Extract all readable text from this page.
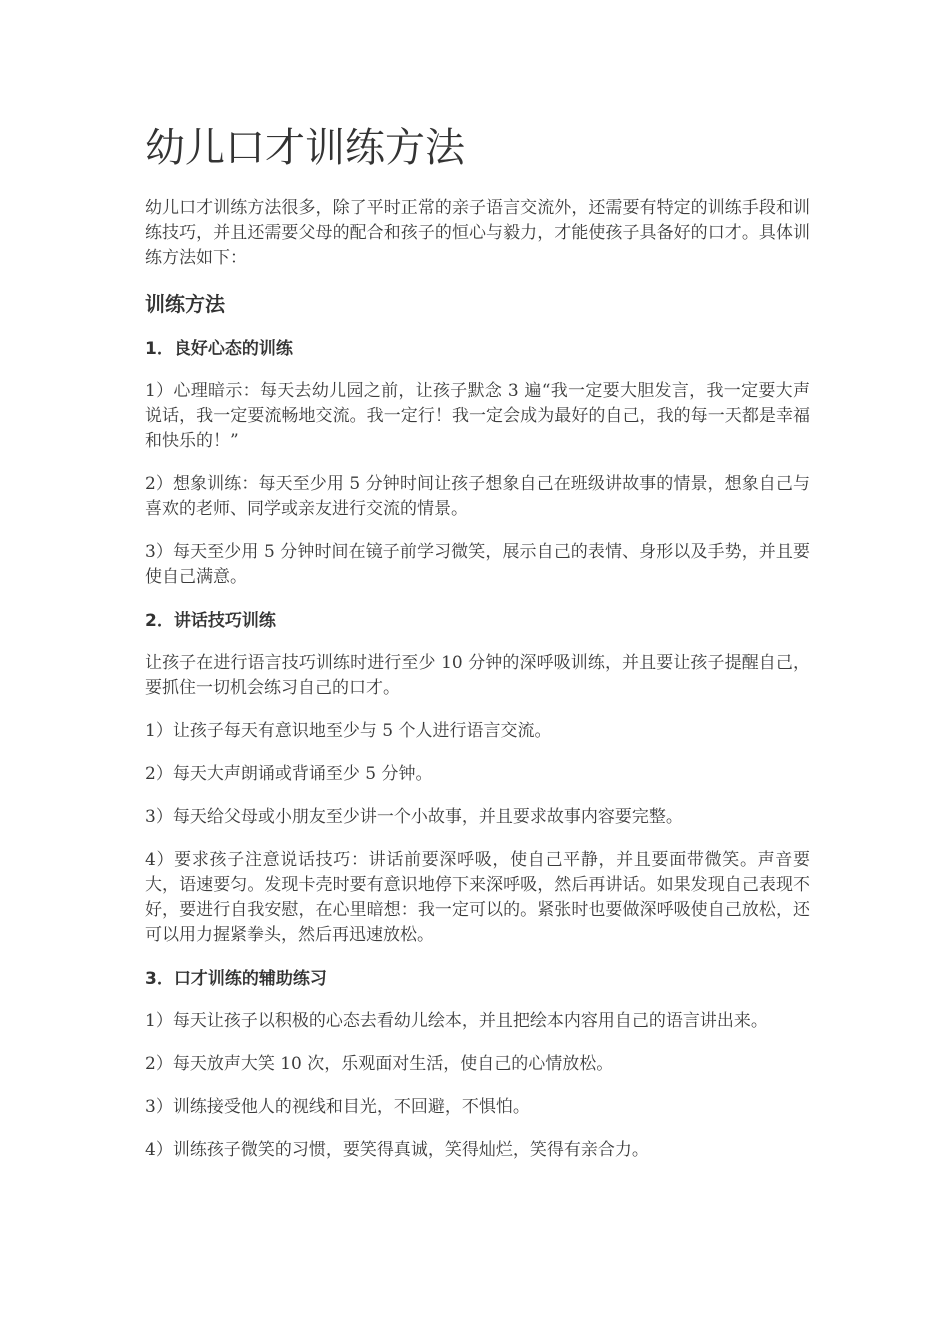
幼儿口才训练方法

幼儿口才训练方法很多，除了平时正常的亲子语言交流外，还需要有特定的训练手段和训练技巧，并且还需要父母的配合和孩子的恒心与毅力，才能使孩子具备好的口才。具体训练方法如下：

训练方法
1．良好心态的训练

1）心理暗示：每天去幼儿园之前，让孩子默念 3 遍“我一定要大胆发言，我一定要大声说话，我一定要流畅地交流。我一定行！我一定会成为最好的自己，我的每一天都是幸福和快乐的！”

2）想象训练：每天至少用 5 分钟时间让孩子想象自己在班级讲故事的情景，想象自己与喜欢的老师、同学或亲友进行交流的情景。

3）每天至少用 5 分钟时间在镜子前学习微笑，展示自己的表情、身形以及手势，并且要使自己满意。

2．讲话技巧训练

让孩子在进行语言技巧训练时进行至少 10 分钟的深呼吸训练，并且要让孩子提醒自己，要抓住一切机会练习自己的口才。

1）让孩子每天有意识地至少与 5 个人进行语言交流。

2）每天大声朗诵或背诵至少 5 分钟。

3）每天给父母或小朋友至少讲一个小故事，并且要求故事内容要完整。

4）要求孩子注意说话技巧：讲话前要深呼吸，使自己平静，并且要面带微笑。声音要大，语速要匀。发现卡壳时要有意识地停下来深呼吸，然后再讲话。如果发现自己表现不好，要进行自我安慰，在心里暗想：我一定可以的。紧张时也要做深呼吸使自己放松，还可以用力握紧拳头，然后再迅速放松。

3．口才训练的辅助练习

1）每天让孩子以积极的心态去看幼儿绘本，并且把绘本内容用自己的语言讲出来。

2）每天放声大笑 10 次，乐观面对生活，使自己的心情放松。

3）训练接受他人的视线和目光，不回避，不惧怕。

4）训练孩子微笑的习惯，要笑得真诚，笑得灿烂，笑得有亲合力。
